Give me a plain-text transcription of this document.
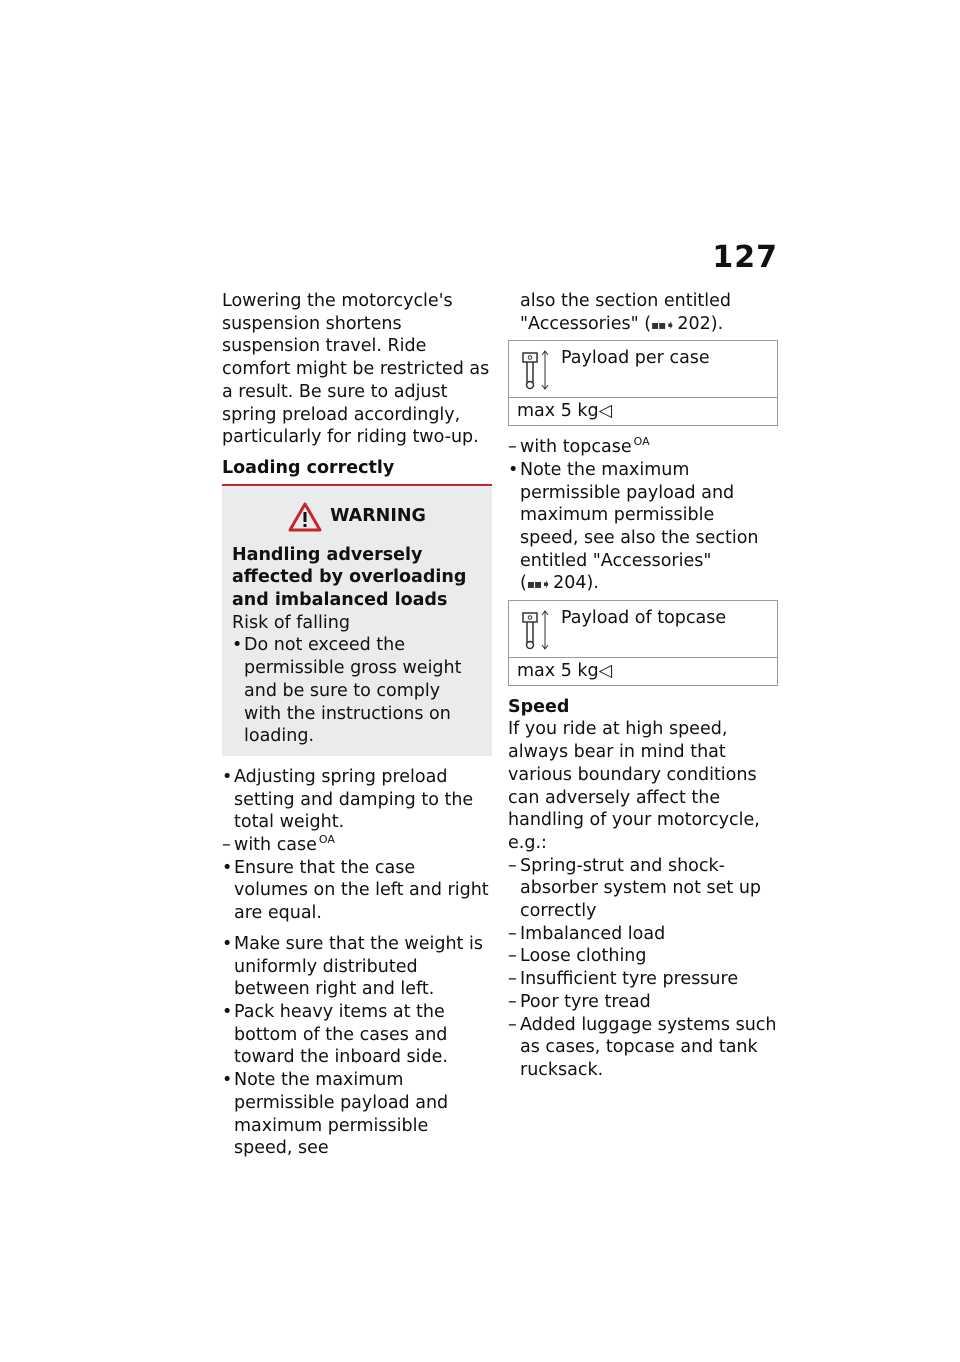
127

Lowering the motorcycle's suspension shortens suspension travel. Ride comfort might be restricted as a result. Be sure to adjust spring preload accordingly, particularly for riding two-up.

Loading correctly
WARNING
Handling adversely affected by overloading and imbalanced loads
Risk of falling
• Do not exceed the permissible gross weight and be sure to comply with the instructions on loading.
• Adjusting spring preload setting and damping to the total weight.
– with case $^{OA}$
• Ensure that the case volumes on the left and right are equal.
• Make sure that the weight is uniformly distributed between right and left.
• Pack heavy items at the bottom of the cases and toward the inboard side.
• Note the maximum permissible payload and maximum permissible speed, see
also the section entitled "Accessories" (▪▪➧ 202).
Payload per case
max 5 kg◁
– with topcase $^{OA}$
• Note the maximum permissible payload and maximum permissible speed, see also the section entitled "Accessories" (▪▪➧ 204).
Payload of topcase
max 5 kg◁
Speed

If you ride at high speed, always bear in mind that various boundary conditions can adversely affect the handling of your motorcycle, e.g.:

– Spring-strut and shock-absorber system not set up correctly
– Imbalanced load
– Loose clothing
– Insufficient tyre pressure
– Poor tyre tread
– Added luggage systems such as cases, topcase and tank rucksack.
